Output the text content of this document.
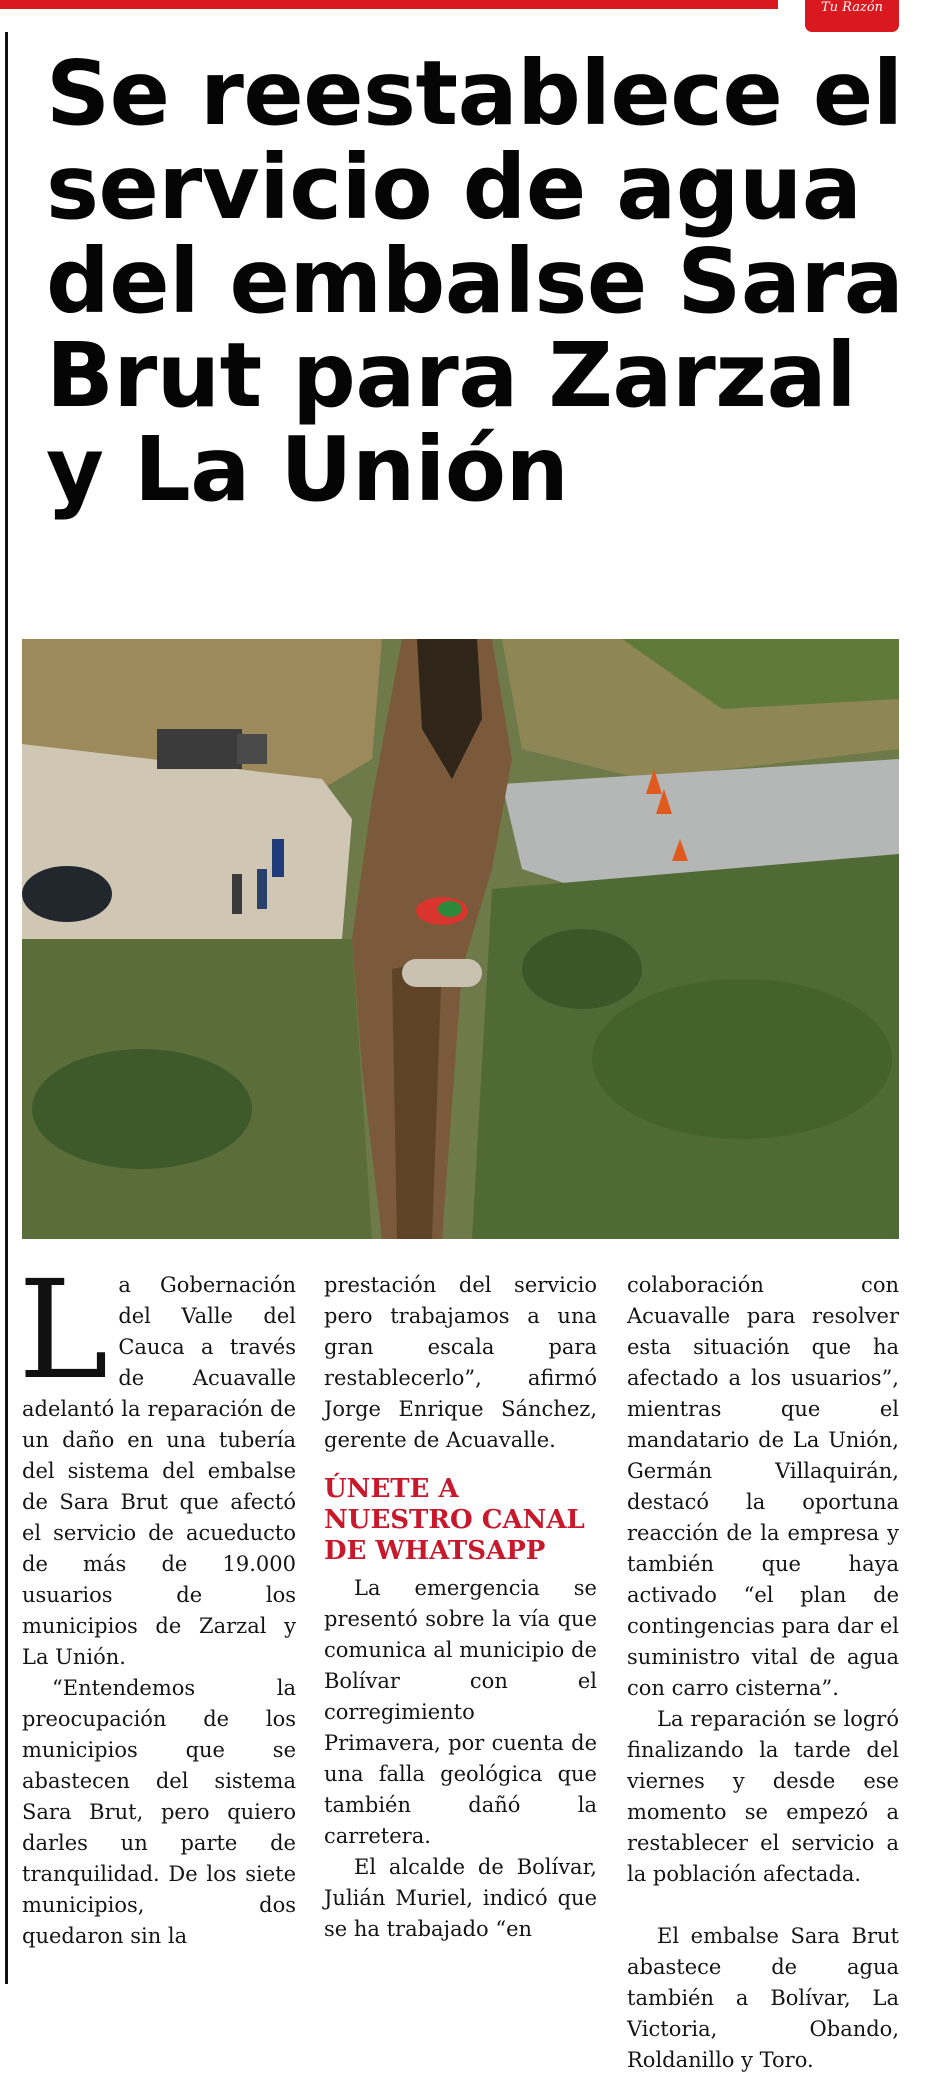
Tu Razón
Se reestablece el servicio de agua del embalse Sara Brut para Zarzal y La Unión

L a Gobernación del Valle del Cauca a través de Acuavalle adelantó la reparación de un daño en una tubería del sistema del embalse de Sara Brut que afectó el servicio de acueducto de más de 19.000 usuarios de los municipios de Zarzal y La Unión.

“Entendemos la preocupación de los municipios que se abastecen del sistema Sara Brut, pero quiero darles un parte de tranquilidad. De los siete municipios, dos quedaron sin la

prestación del servicio pero trabajamos a una gran escala para restablecerlo”, afirmó Jorge Enrique Sánchez, gerente de Acuavalle.

ÚNETE A NUESTRO CANAL DE WHATSAPP

La emergencia se presentó sobre la vía que comunica al municipio de Bolívar con el corregimiento Primavera, por cuenta de una falla geológica que también dañó la carretera.

El alcalde de Bolívar, Julián Muriel, indicó que se ha trabajado “en

colaboración con Acuavalle para resolver esta situación que ha afectado a los usuarios”, mientras que el mandatario de La Unión, Germán Villaquirán, destacó la oportuna reacción de la empresa y también que haya activado “el plan de contingencias para dar el suministro vital de agua con carro cisterna”.

La reparación se logró finalizando la tarde del viernes y desde ese momento se empezó a restablecer el servicio a la población afectada.

El embalse Sara Brut abastece de agua también a Bolívar, La Victoria, Obando, Roldanillo y Toro.
